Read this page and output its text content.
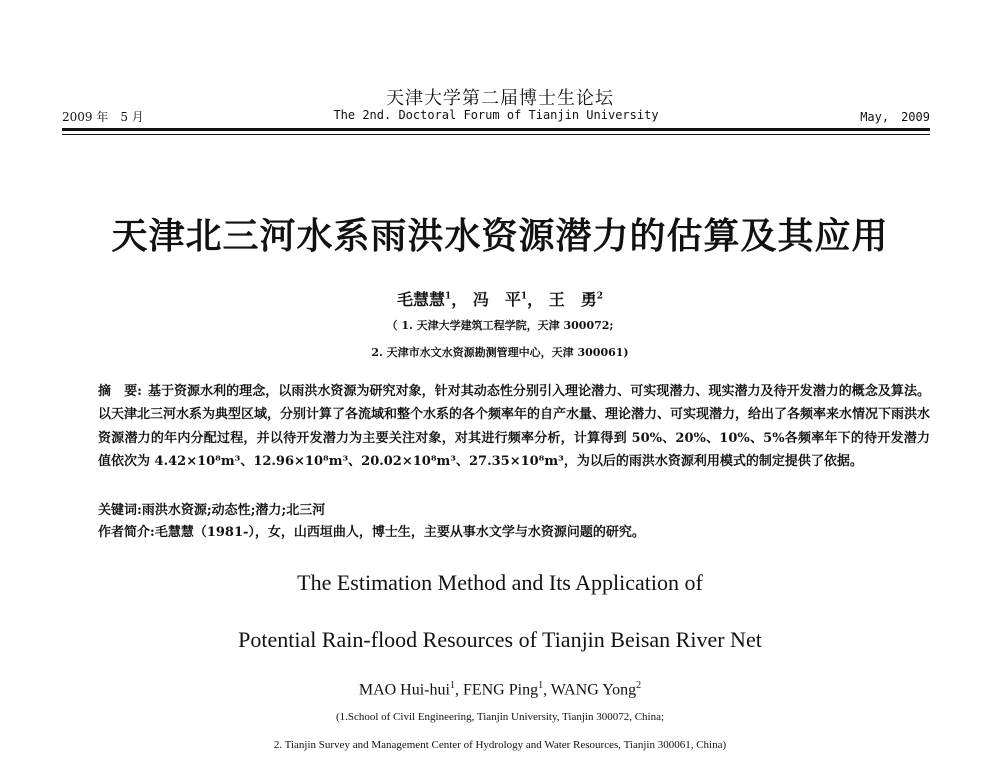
天津大学第二届博士生论坛
2009 年　5 月	The 2nd. Doctoral Forum of Tianjin University	May,　2009
天津北三河水系雨洪水资源潜力的估算及其应用
毛慧慧$^1$， 冯　平$^1$， 王　勇$^2$
（ 1. 天津大学建筑工程学院，天津 300072;
2. 天津市水文水资源勘测管理中心，天津 300061)
摘　要: 基于资源水利的理念，以雨洪水资源为研究对象，针对其动态性分别引入理论潜力、可实现潜力、现实潜力及待开发潜力的概念及算法。以天津北三河水系为典型区域，分别计算了各流域和整个水系的各个频率年的自产水量、理论潜力、可实现潜力，给出了各频率来水情况下雨洪水资源潜力的年内分配过程，并以待开发潜力为主要关注对象，对其进行频率分析，计算得到 50%、20%、10%、5%各频率年下的待开发潜力值依次为 4.42×10⁸m³、12.96×10⁸m³、20.02×10⁸m³、27.35×10⁸m³，为以后的雨洪水资源利用模式的制定提供了依据。
关键词:雨洪水资源;动态性;潜力;北三河
作者简介:毛慧慧（1981-），女，山西垣曲人，博士生，主要从事水文学与水资源问题的研究。
The Estimation Method and Its Application of
Potential Rain-flood Resources of Tianjin Beisan River Net
MAO Hui-hui$^1$, FENG Ping$^1$, WANG Yong$^2$
(1.School of Civil Engineering, Tianjin University, Tianjin 300072, China;
2. Tianjin Survey and Management Center of Hydrology and Water Resources, Tianjin 300061, China)
